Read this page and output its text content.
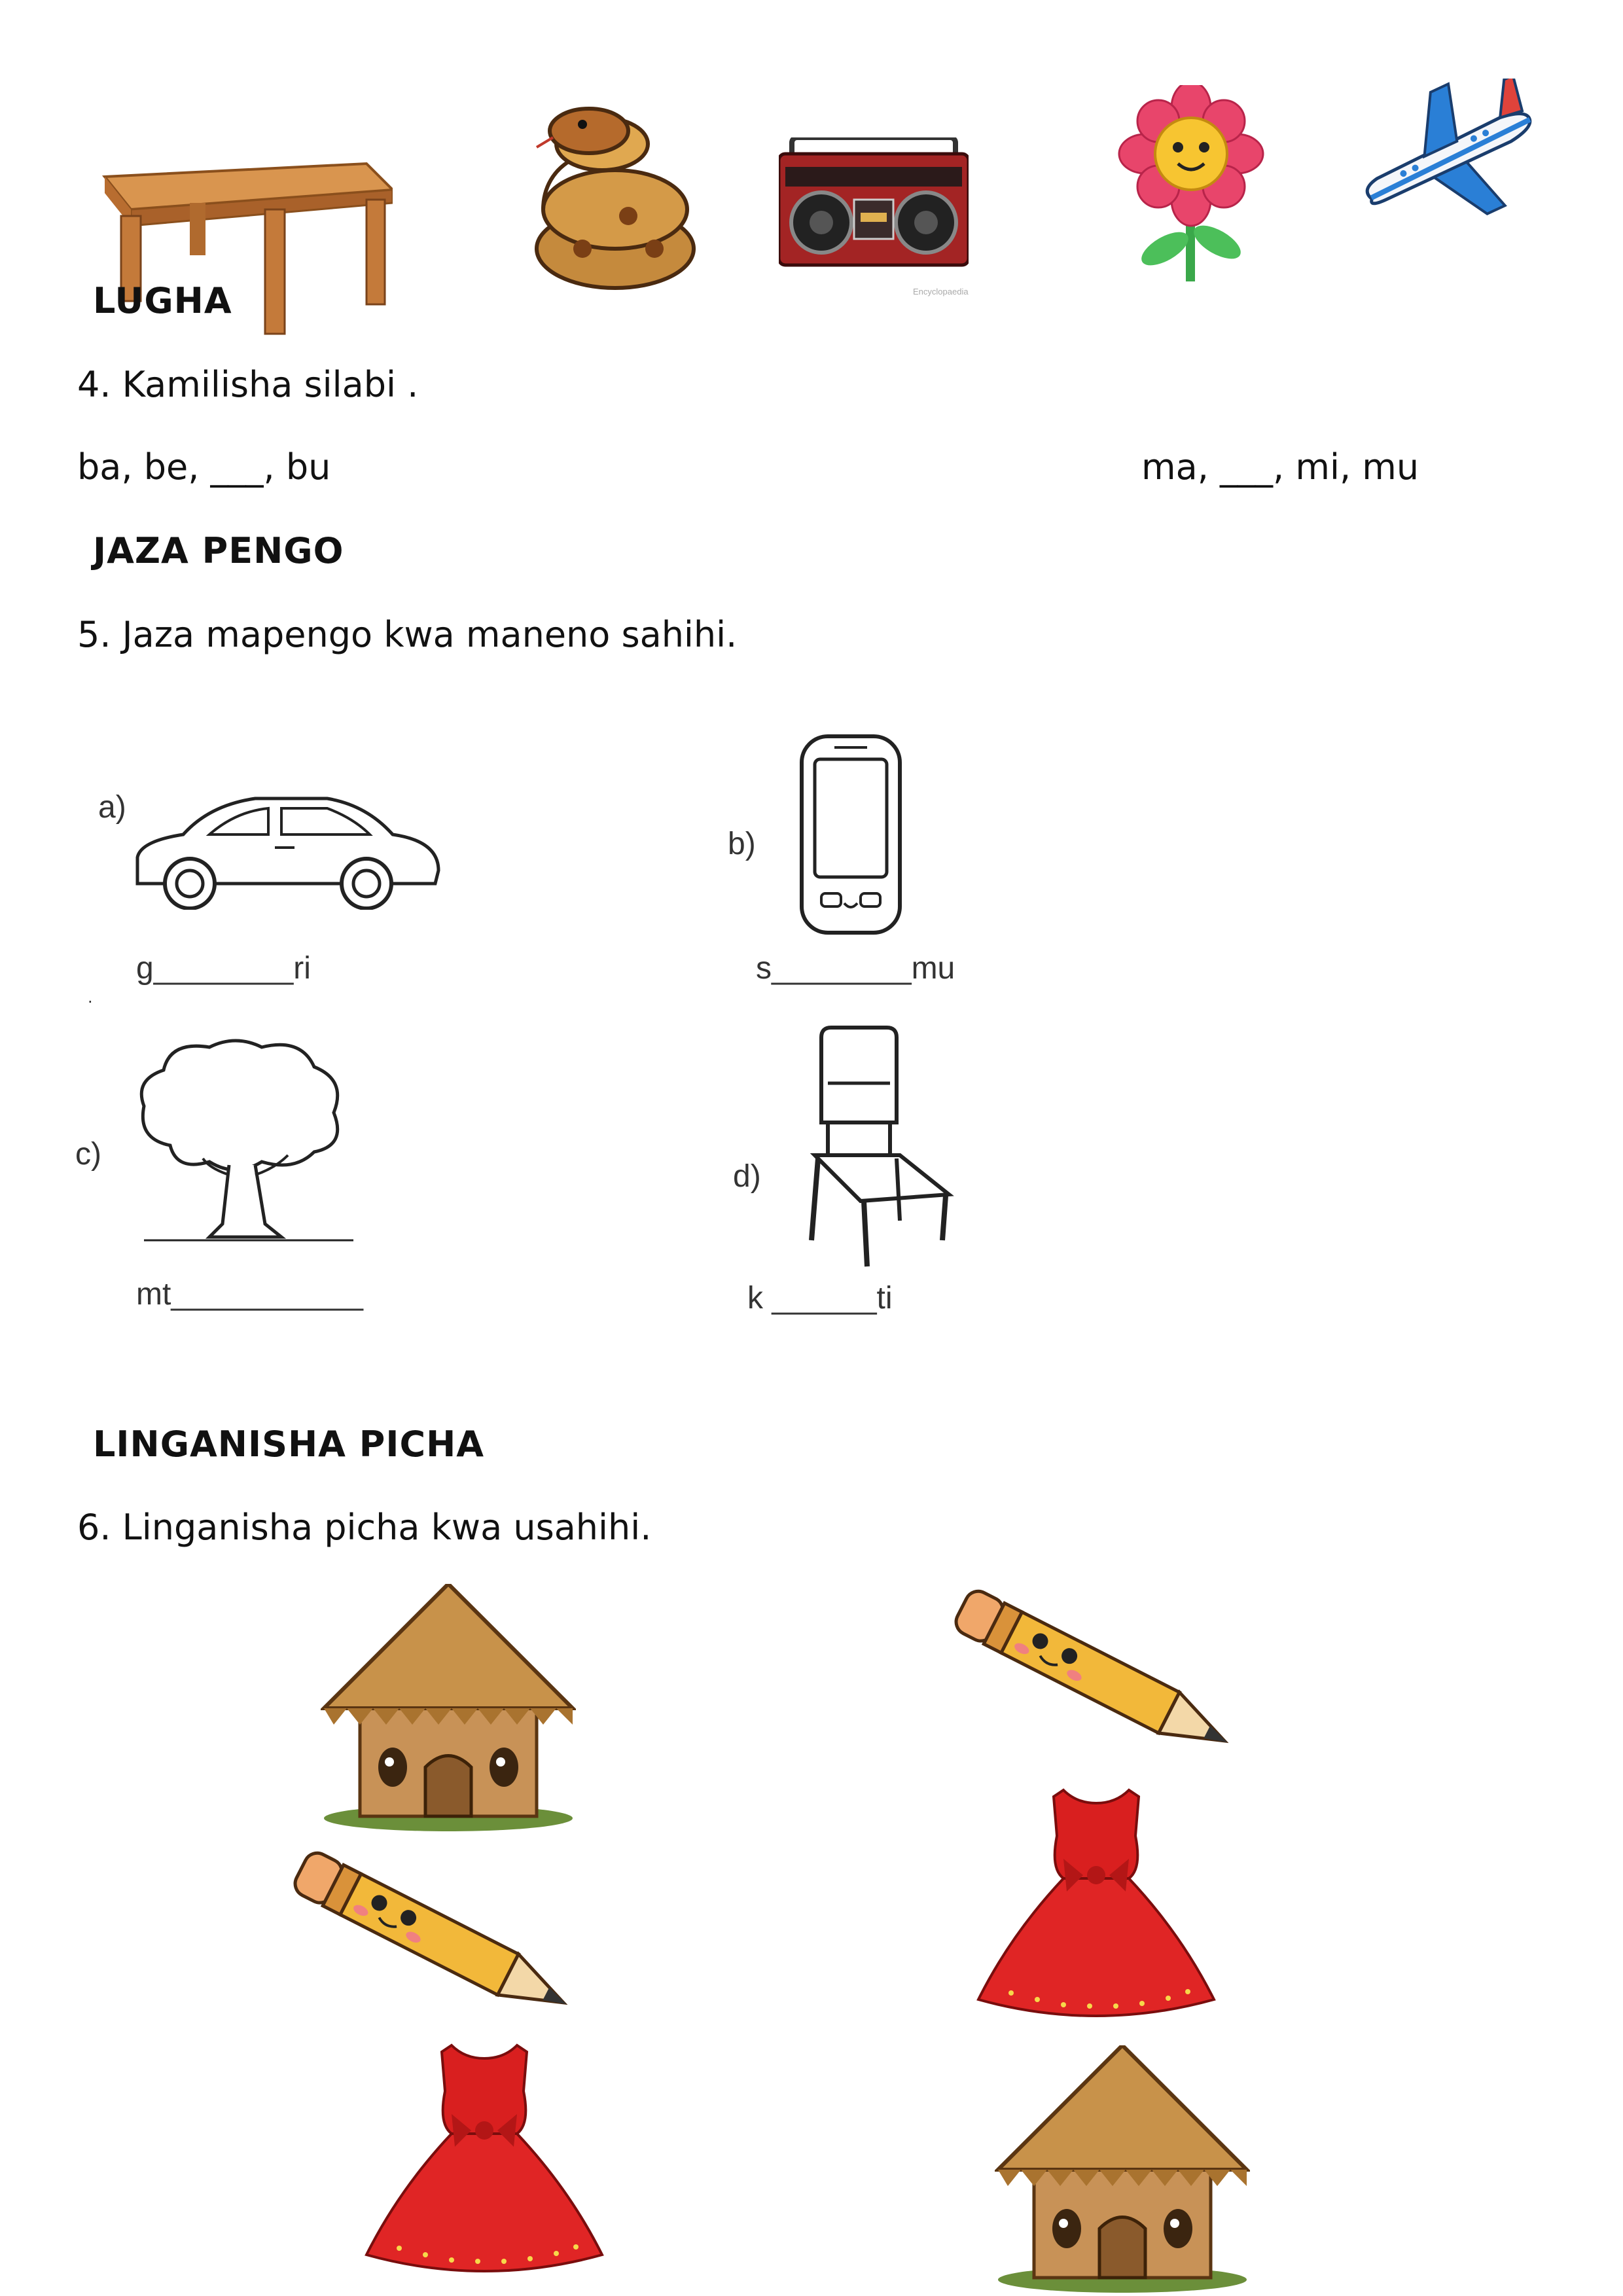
Encyclopaedia
LUGHA
4. Kamilisha silabi .
ba, be, ___, bu	ma, ___, mi, mu
JAZA PENGO
5. Jaza mapengo kwa maneno sahihi.
a)
g________ri
.
b)
s________mu
c)
mt___________
d)
k ______ti
LINGANISHA PICHA
6. Linganisha picha kwa usahihi.
